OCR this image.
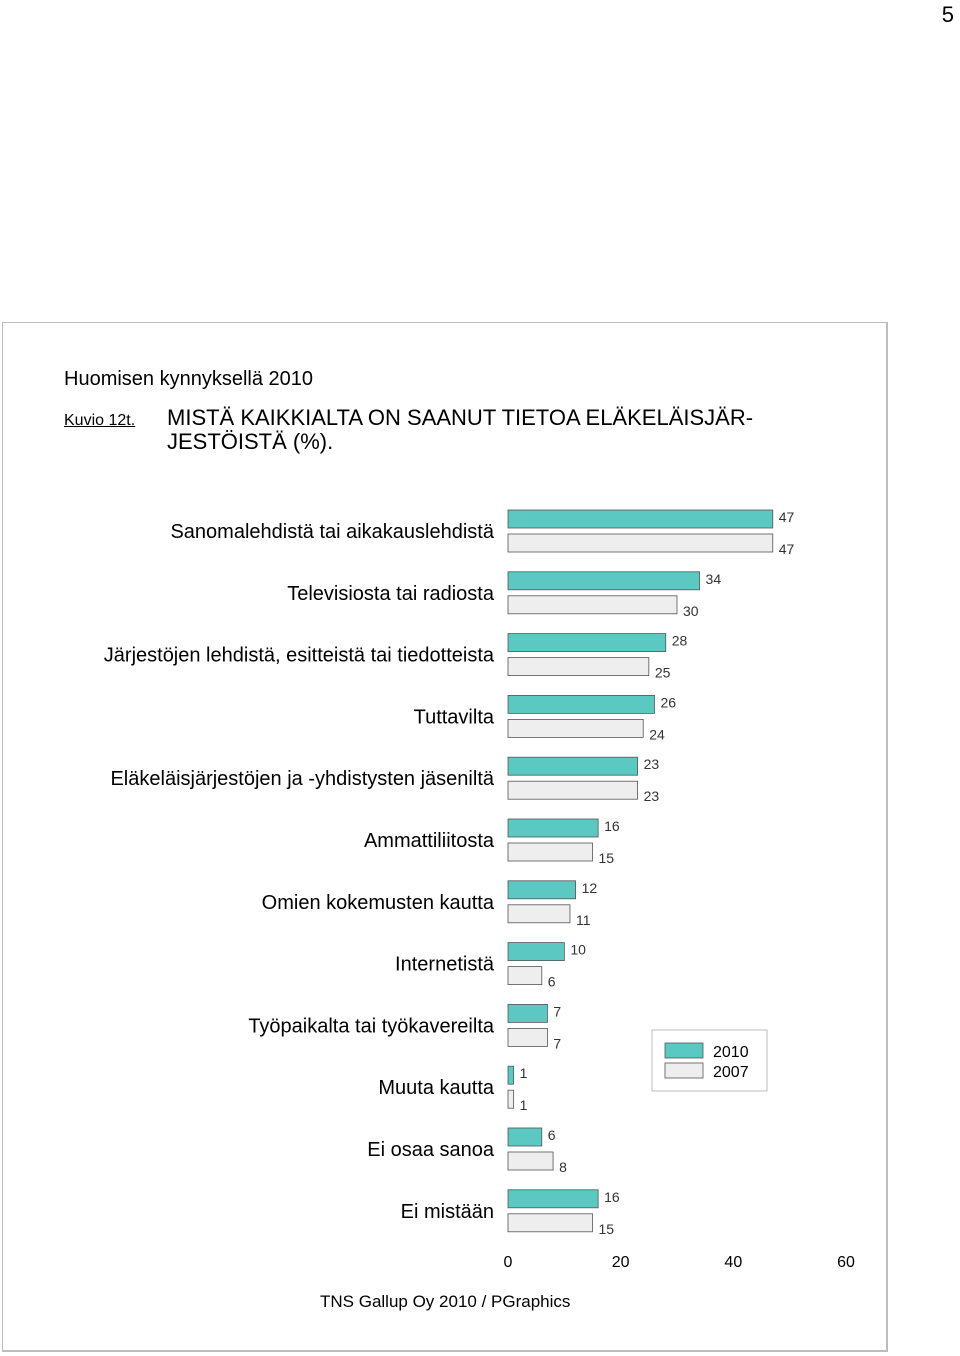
5
Huomisen kynnyksellä 2010
Kuvio 12t. MISTÄ KAIKKIALTA ON SAANUT TIETOA ELÄKELÄISJÄR-JESTÖISTÄ (%).
Sanomalehdistä tai aikakauslehdistä
47
47
Televisiosta tai radiosta
34
30
Järjestöjen lehdistä, esitteistä tai tiedotteista
28
25
Tuttavilta
26
24
Eläkeläisjärjestöjen ja -yhdistysten jäseniltä
23
23
Ammattiliitosta
16
15
Omien kokemusten kautta
12
11
Internetistä
10
6
Työpaikalta tai työkavereilta
7
7
Muuta kautta
1
1
Ei osaa sanoa
6
8
Ei mistään
16
15
0	20	40	60
2010
2007
TNS Gallup Oy 2010 / PGraphics
